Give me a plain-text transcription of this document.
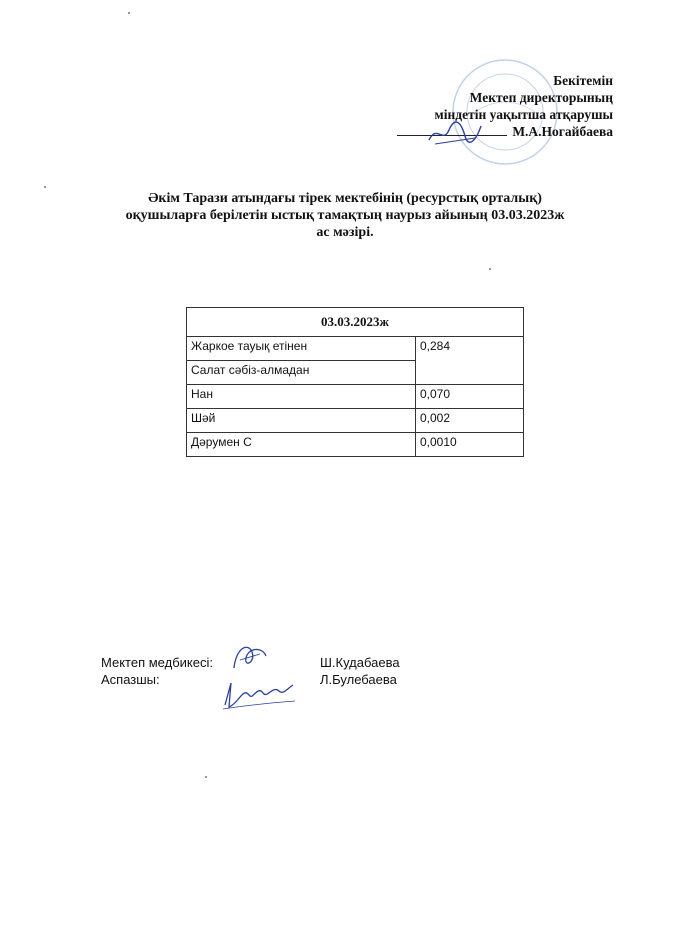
Бекітемін
Мектеп директорының
міндетін уақытша атқарушы
М.А.Ногайбаева
Әкім Тарази атындағы тірек мектебінің (ресурстық орталық)
оқушыларға берілетін ыстық тамақтың наурыз айының 03.03.2023ж
ас мәзірі.
03.03.2023ж	
Жаркое тауық етінен	0,284
Салат сәбіз-алмадан	
Нан	0,070
Шәй	0,002
Дәрумен С	0,0010
Мектеп медбикесі:	Ш.Кудабаева
Аспазшы:	Л.Булебаева
